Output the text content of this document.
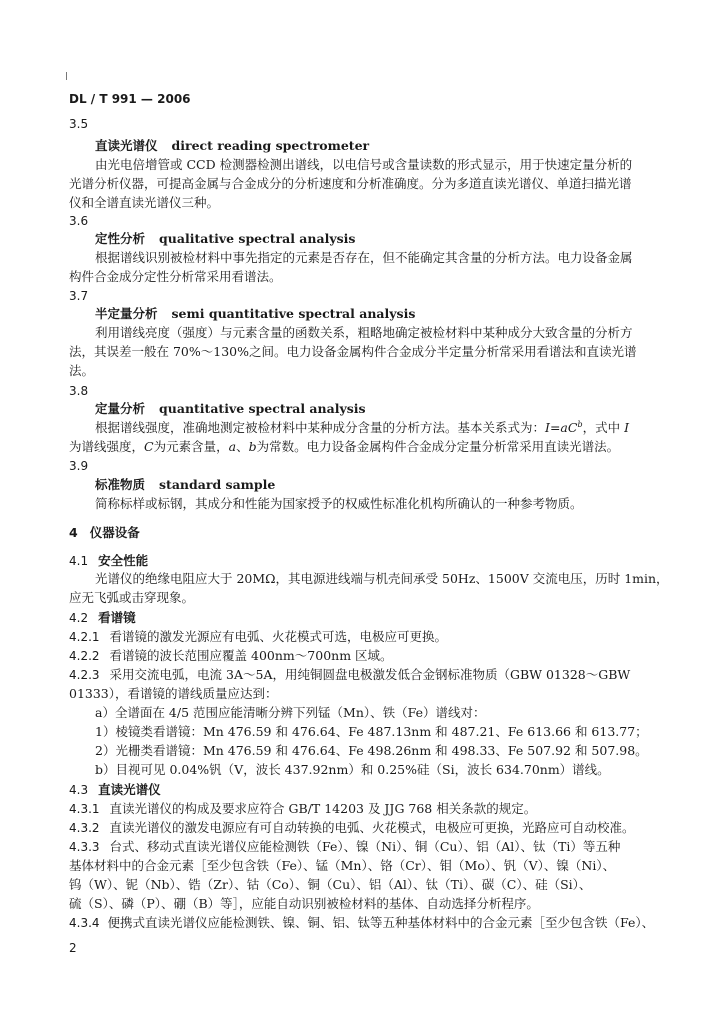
DL / T 991 — 2006
3.5
直读光谱仪 direct reading spectrometer
由光电倍增管或 CCD 检测器检测出谱线，以电信号或含量读数的形式显示，用于快速定量分析的
光谱分析仪器，可提高金属与合金成分的分析速度和分析准确度。分为多道直读光谱仪、单道扫描光谱
仪和全谱直读光谱仪三种。
3.6
定性分析 qualitative spectral analysis
根据谱线识别被检材料中事先指定的元素是否存在，但不能确定其含量的分析方法。电力设备金属
构件合金成分定性分析常采用看谱法。
3.7
半定量分析 semi quantitative spectral analysis
利用谱线亮度（强度）与元素含量的函数关系，粗略地确定被检材料中某种成分大致含量的分析方
法，其误差一般在 70%～130%之间。电力设备金属构件合金成分半定量分析常采用看谱法和直读光谱
法。
3.8
定量分析 quantitative spectral analysis
根据谱线强度，准确地测定被检材料中某种成分含量的分析方法。基本关系式为：$I=aC^b$，式中 I
为谱线强度，C为元素含量，a、b为常数。电力设备金属构件合金成分定量分析常采用直读光谱法。
3.9
标准物质 standard sample
简称标样或标钢，其成分和性能为国家授予的权威性标准化机构所确认的一种参考物质。
4 仪器设备
4.1 安全性能
光谱仪的绝缘电阻应大于 20MΩ，其电源进线端与机壳间承受 50Hz、1500V 交流电压，历时 1min，
应无飞弧或击穿现象。
4.2 看谱镜
4.2.1 看谱镜的激发光源应有电弧、火花模式可选，电极应可更换。
4.2.2 看谱镜的波长范围应覆盖 400nm～700nm 区域。
4.2.3 采用交流电弧，电流 3A～5A，用纯铜圆盘电极激发低合金钢标准物质（GBW 01328～GBW
01333），看谱镜的谱线质量应达到：
a）全谱面在 4/5 范围应能清晰分辨下列锰（Mn）、铁（Fe）谱线对：
1）棱镜类看谱镜：Mn 476.59 和 476.64、Fe 487.13nm 和 487.21、Fe 613.66 和 613.77；
2）光栅类看谱镜：Mn 476.59 和 476.64、Fe 498.26nm 和 498.33、Fe 507.92 和 507.98。
b）目视可见 0.04%钒（V，波长 437.92nm）和 0.25%硅（Si，波长 634.70nm）谱线。
4.3 直读光谱仪
4.3.1 直读光谱仪的构成及要求应符合 GB/T 14203 及 JJG 768 相关条款的规定。
4.3.2 直读光谱仪的激发电源应有可自动转换的电弧、火花模式，电极应可更换，光路应可自动校准。
4.3.3 台式、移动式直读光谱仪应能检测铁（Fe）、镍（Ni）、铜（Cu）、铝（Al）、钛（Ti）等五种
基体材料中的合金元素［至少包含铁（Fe）、锰（Mn）、铬（Cr）、钼（Mo）、钒（V）、镍（Ni）、
钨（W）、铌（Nb）、锆（Zr）、钴（Co）、铜（Cu）、铝（Al）、钛（Ti）、碳（C）、硅（Si）、
硫（S）、磷（P）、硼（B）等］，应能自动识别被检材料的基体、自动选择分析程序。
4.3.4 便携式直读光谱仪应能检测铁、镍、铜、铝、钛等五种基体材料中的合金元素［至少包含铁（Fe）、
2
